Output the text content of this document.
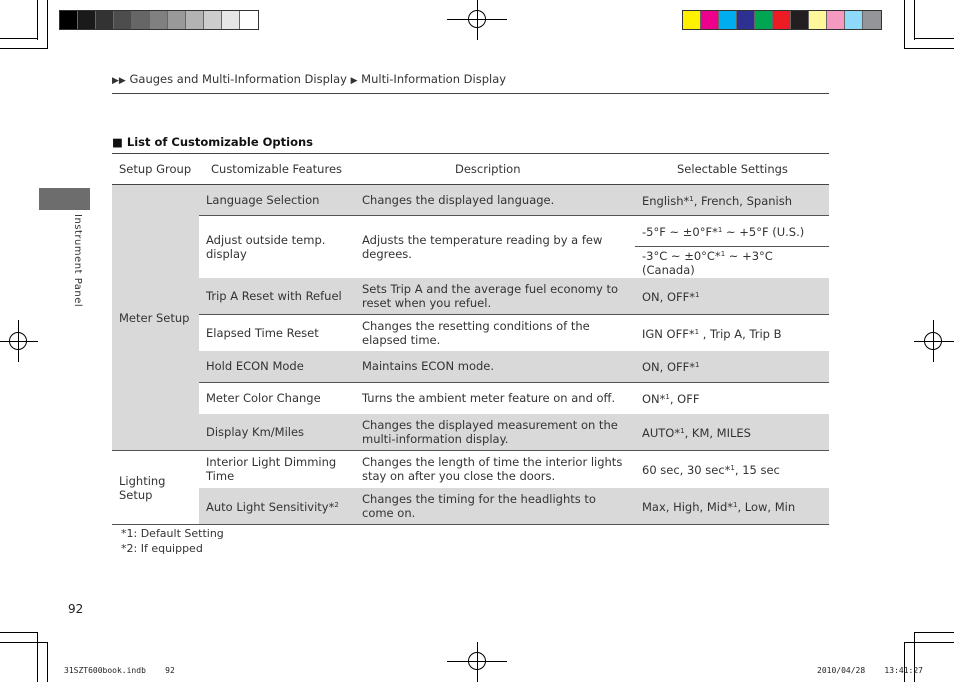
▶▶ Gauges and Multi-Information Display ▶ Multi-Information Display
Instrument Panel
■ List of Customizable Options
Setup Group	Customizable Features	Description	Selectable Settings
Meter Setup	Language Selection	Changes the displayed language.	English*$^1$, French, Spanish
	Adjust outside temp. display	Adjusts the temperature reading by a few degrees.	-5°F ~ ±0°F*$^1$ ~ +5°F (U.S.)
			-3°C ~ ±0°C*$^1$ ~ +3°C (Canada)
	Trip A Reset with Refuel	Sets Trip A and the average fuel economy to reset when you refuel.	ON, OFF*$^1$
	Elapsed Time Reset	Changes the resetting conditions of the elapsed time.	IGN OFF*$^1$ , Trip A, Trip B
	Hold ECON Mode	Maintains ECON mode.	ON, OFF*$^1$
	Meter Color Change	Turns the ambient meter feature on and off.	ON*$^1$, OFF
	Display Km/Miles	Changes the displayed measurement on the multi-information display.	AUTO*$^1$, KM, MILES
Lighting Setup	Interior Light Dimming Time	Changes the length of time the interior lights stay on after you close the doors.	60 sec, 30 sec*$^1$, 15 sec
	Auto Light Sensitivity*$^2$	Changes the timing for the headlights to come on.	Max, High, Mid*$^1$, Low, Min
*1: Default Setting
*2: If equipped
92
31SZT600book.indb    92	2010/04/28    13:41:27
